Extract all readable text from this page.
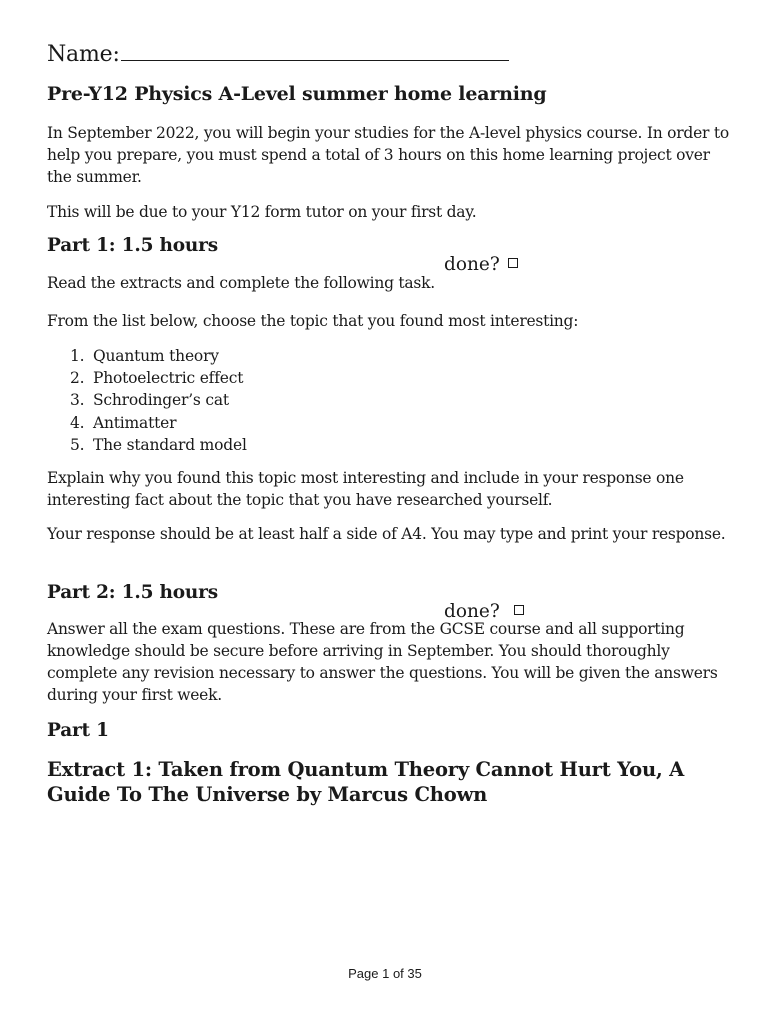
Name:

Pre-Y12 Physics A-Level summer home learning

In September 2022, you will begin your studies for the A-level physics course. In order to help you prepare, you must spend a total of 3 hours on this home learning project over the summer.

This will be due to your Y12 form tutor on your first day.

Part 1: 1.5 hours

done?

Read the extracts and complete the following task.

From the list below, choose the topic that you found most interesting:

1. Quantum theory
2. Photoelectric effect
3. Schrodinger’s cat
4. Antimatter
5. The standard model

Explain why you found this topic most interesting and include in your response one interesting fact about the topic that you have researched yourself.

Your response should be at least half a side of A4. You may type and print your response.

Part 2: 1.5 hours

done?

Answer all the exam questions. These are from the GCSE course and all supporting knowledge should be secure before arriving in September. You should thoroughly complete any revision necessary to answer the questions. You will be given the answers during your first week.

Part 1

Extract 1: Taken from Quantum Theory Cannot Hurt You, A Guide To The Universe by Marcus Chown

Page 1 of 35
